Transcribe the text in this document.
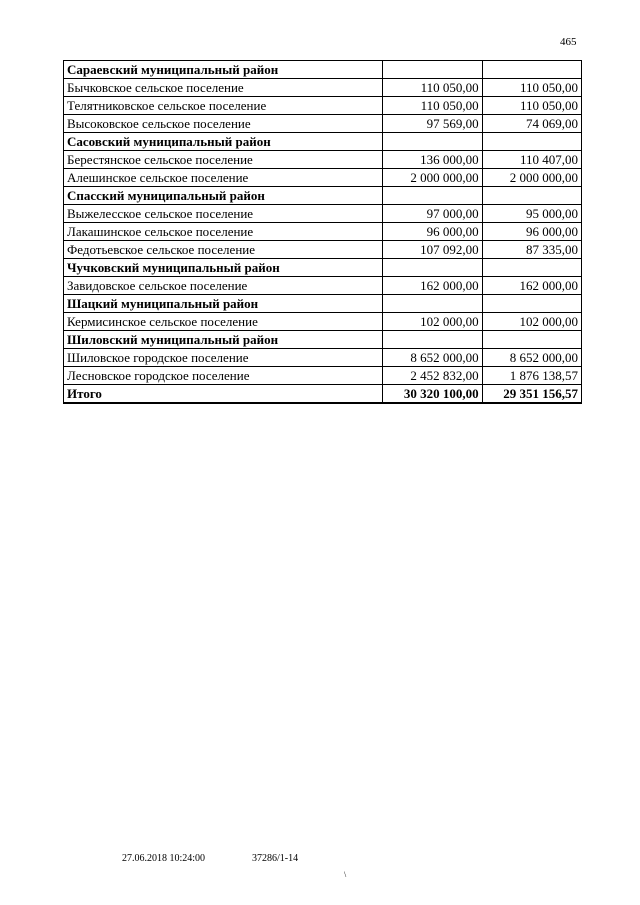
465
Сараевский муниципальный район		
Бычковское сельское поселение	110 050,00	110 050,00
Телятниковское сельское поселение	110 050,00	110 050,00
Высоковское сельское поселение	97 569,00	74 069,00
Сасовский муниципальный район		
Берестянское сельское поселение	136 000,00	110 407,00
Алешинское сельское поселение	2 000 000,00	2 000 000,00
Спасский муниципальный район		
Выжелесское сельское поселение	97 000,00	95 000,00
Лакашинское сельское поселение	96 000,00	96 000,00
Федотьевское сельское поселение	107 092,00	87 335,00
Чучковский муниципальный район		
Завидовское сельское поселение	162 000,00	162 000,00
Шацкий муниципальный район		
Кермисинское сельское поселение	102 000,00	102 000,00
Шиловский муниципальный район		
Шиловское городское поселение	8 652 000,00	8 652 000,00
Лесновское городское поселение	2 452 832,00	1 876 138,57
Итого	30 320 100,00	29 351 156,57
27.06.2018 10:24:00	37286/1-14
\
